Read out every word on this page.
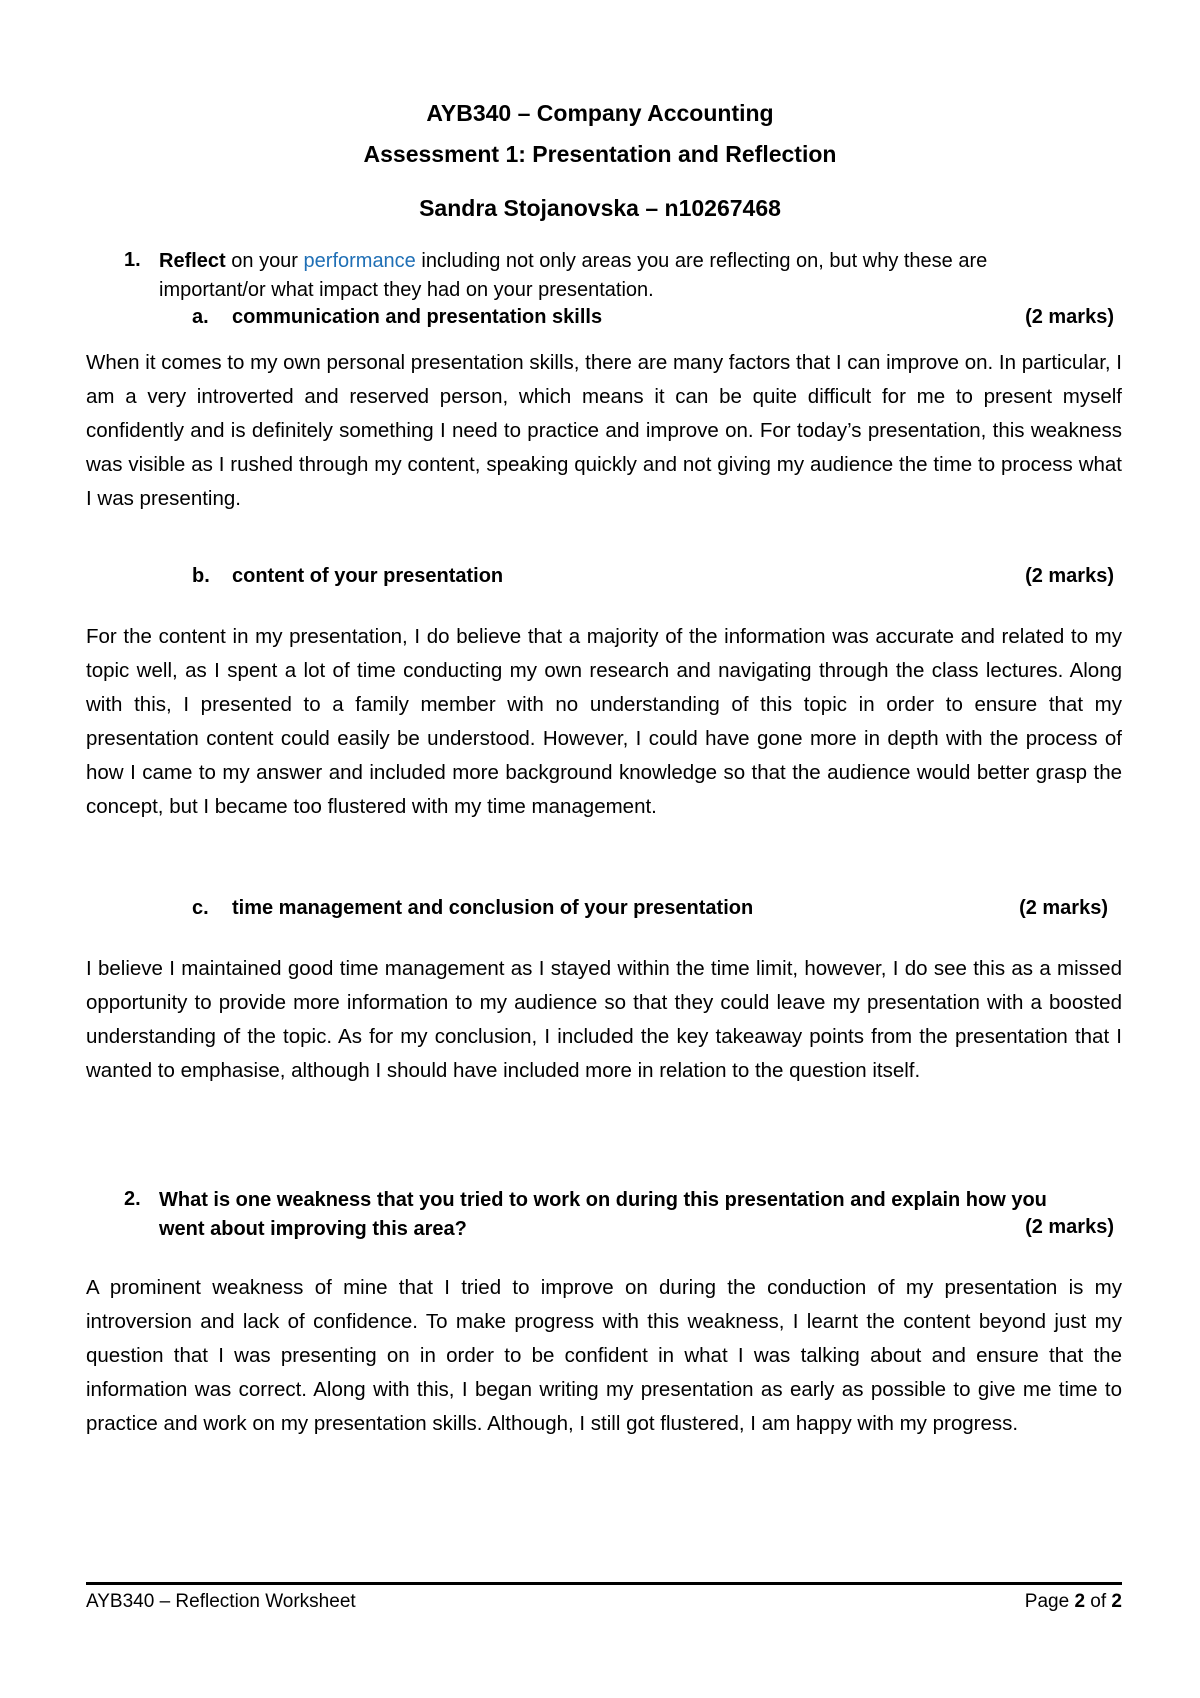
AYB340 – Company Accounting
Assessment 1: Presentation and Reflection
Sandra Stojanovska – n10267468
1. Reflect on your performance including not only areas you are reflecting on, but why these are

important/or what impact they had on your presentation.

a. communication and presentation skills	(2 marks)

When it comes to my own personal presentation skills, there are many factors that I can improve on. In particular, I am a very introverted and reserved person, which means it can be quite difficult for me to present myself confidently and is definitely something I need to practice and improve on. For today’s presentation, this weakness was visible as I rushed through my content, speaking quickly and not giving my audience the time to process what I was presenting.

b. content of your presentation	(2 marks)

For the content in my presentation, I do believe that a majority of the information was accurate and related to my topic well, as I spent a lot of time conducting my own research and navigating through the class lectures. Along with this, I presented to a family member with no understanding of this topic in order to ensure that my presentation content could easily be understood. However, I could have gone more in depth with the process of how I came to my answer and included more background knowledge so that the audience would better grasp the concept, but I became too flustered with my time management.

c. time management and conclusion of your presentation	(2 marks)

I believe I maintained good time management as I stayed within the time limit, however, I do see this as a missed opportunity to provide more information to my audience so that they could leave my presentation with a boosted understanding of the topic. As for my conclusion, I included the key takeaway points from the presentation that I wanted to emphasise, although I should have included more in relation to the question itself.

2. What is one weakness that you tried to work on during this presentation and explain how you

went about improving this area?	(2 marks)

A prominent weakness of mine that I tried to improve on during the conduction of my presentation is my introversion and lack of confidence. To make progress with this weakness, I learnt the content beyond just my question that I was presenting on in order to be confident in what I was talking about and ensure that the information was correct. Along with this, I began writing my presentation as early as possible to give me time to practice and work on my presentation skills. Although, I still got flustered, I am happy with my progress.

AYB340 – Reflection Worksheet	Page 2 of 2
